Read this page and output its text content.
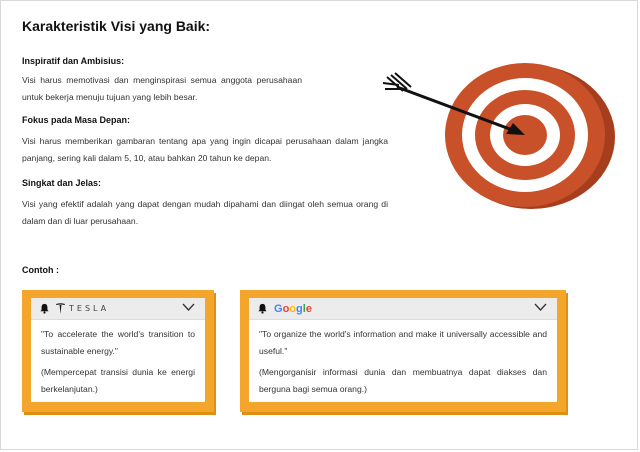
Karakteristik Visi yang Baik:
Inspiratif dan Ambisius:

Visi harus memotivasi dan menginspirasi semua anggota perusahaan untuk bekerja menuju tujuan yang lebih besar.

Fokus pada Masa Depan:

Visi harus memberikan gambaran tentang apa yang ingin dicapai perusahaan dalam jangka panjang, sering kali dalam 5, 10, atau bahkan 20 tahun ke depan.

Singkat dan Jelas:

Visi yang efektif adalah yang dapat dengan mudah dipahami dan diingat oleh semua orang di dalam dan di luar perusahaan.

Contoh :
TESLA

"To accelerate the world's transition to sustainable energy."

(Mempercepat transisi dunia ke energi berkelanjutan.)

Google

"To organize the world's information and make it universally accessible and useful."

(Mengorganisir informasi dunia dan membuatnya dapat diakses dan berguna bagi semua orang.)
